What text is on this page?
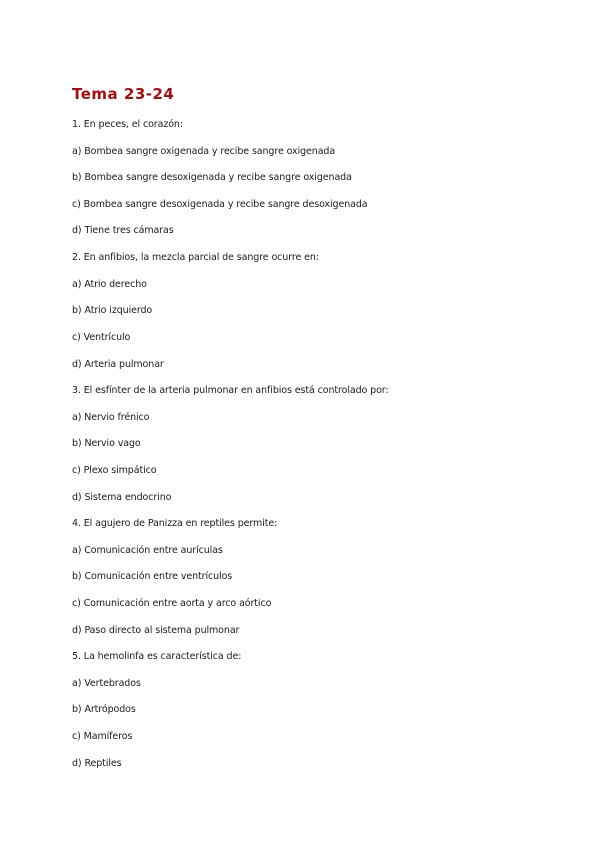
Tema 23-24
1. En peces, el corazón:
a) Bombea sangre oxigenada y recibe sangre oxigenada
b) Bombea sangre desoxigenada y recibe sangre oxigenada
c) Bombea sangre desoxigenada y recibe sangre desoxigenada
d) Tiene tres cámaras
2. En anfibios, la mezcla parcial de sangre ocurre en:
a) Atrio derecho
b) Atrio izquierdo
c) Ventrículo
d) Arteria pulmonar
3. El esfínter de la arteria pulmonar en anfibios está controlado por:
a) Nervio frénico
b) Nervio vago
c) Plexo simpático
d) Sistema endocrino
4. El agujero de Panizza en reptiles permite:
a) Comunicación entre aurículas
b) Comunicación entre ventrículos
c) Comunicación entre aorta y arco aórtico
d) Paso directo al sistema pulmonar
5. La hemolinfa es característica de:
a) Vertebrados
b) Artrópodos
c) Mamíferos
d) Reptiles
